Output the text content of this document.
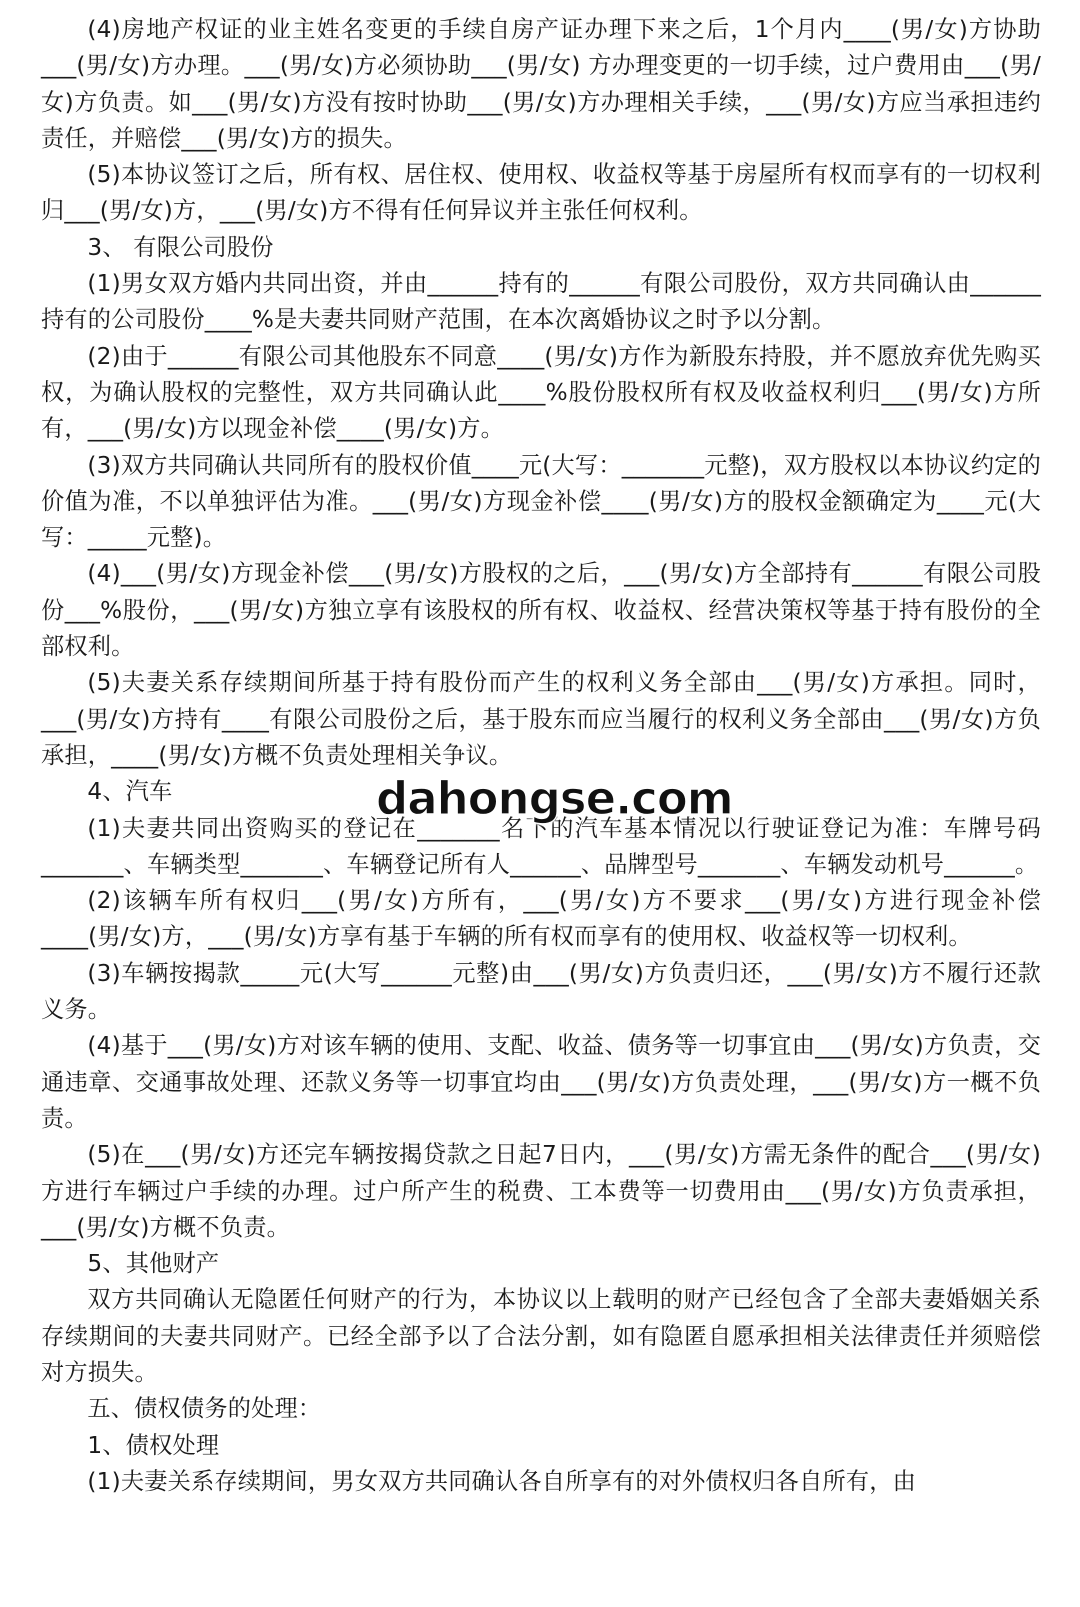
(4)房地产权证的业主姓名变更的手续自房产证办理下来之后，1个月内____(男/女)方协助___(男/女)方办理。___(男/女)方必须协助___(男/女) 方办理变更的一切手续，过户费用由___(男/女)方负责。如___(男/女)方没有按时协助___(男/女)方办理相关手续，___(男/女)方应当承担违约责任，并赔偿___(男/女)方的损失。

(5)本协议签订之后，所有权、居住权、使用权、收益权等基于房屋所有权而享有的一切权利归___(男/女)方，___(男/女)方不得有任何异议并主张任何权利。

3、 有限公司股份

(1)男女双方婚内共同出资，并由______持有的______有限公司股份，双方共同确认由______持有的公司股份____%是夫妻共同财产范围，在本次离婚协议之时予以分割。

(2)由于______有限公司其他股东不同意____(男/女)方作为新股东持股，并不愿放弃优先购买权，为确认股权的完整性，双方共同确认此____%股份股权所有权及收益权利归___(男/女)方所有，___(男/女)方以现金补偿____(男/女)方。

(3)双方共同确认共同所有的股权价值____元(大写：_______元整)，双方股权以本协议约定的价值为准，不以单独评估为准。___(男/女)方现金补偿____(男/女)方的股权金额确定为____元(大写：_____元整)。

(4)___(男/女)方现金补偿___(男/女)方股权的之后，___(男/女)方全部持有______有限公司股份___%股份，___(男/女)方独立享有该股权的所有权、收益权、经营决策权等基于持有股份的全部权利。

(5)夫妻关系存续期间所基于持有股份而产生的权利义务全部由___(男/女)方承担。同时，___(男/女)方持有____有限公司股份之后，基于股东而应当履行的权利义务全部由___(男/女)方负承担，____(男/女)方概不负责处理相关争议。

4、汽车

(1)夫妻共同出资购买的登记在_______名下的汽车基本情况以行驶证登记为准：车牌号码_______、车辆类型_______、车辆登记所有人______、品牌型号_______、车辆发动机号______。

(2)该辆车所有权归___(男/女)方所有，___(男/女)方不要求___(男/女)方进行现金补偿____(男/女)方，___(男/女)方享有基于车辆的所有权而享有的使用权、收益权等一切权利。

(3)车辆按揭款_____元(大写______元整)由___(男/女)方负责归还，___(男/女)方不履行还款义务。

(4)基于___(男/女)方对该车辆的使用、支配、收益、债务等一切事宜由___(男/女)方负责，交通违章、交通事故处理、还款义务等一切事宜均由___(男/女)方负责处理，___(男/女)方一概不负责。

(5)在___(男/女)方还完车辆按揭贷款之日起7日内，___(男/女)方需无条件的配合___(男/女)方进行车辆过户手续的办理。过户所产生的税费、工本费等一切费用由___(男/女)方负责承担，___(男/女)方概不负责。

5、其他财产

双方共同确认无隐匿任何财产的行为，本协议以上载明的财产已经包含了全部夫妻婚姻关系存续期间的夫妻共同财产。已经全部予以了合法分割，如有隐匿自愿承担相关法律责任并须赔偿对方损失。

五、债权债务的处理：

1、债权处理

(1)夫妻关系存续期间，男女双方共同确认各自所享有的对外债权归各自所有，由

dahongse.com
